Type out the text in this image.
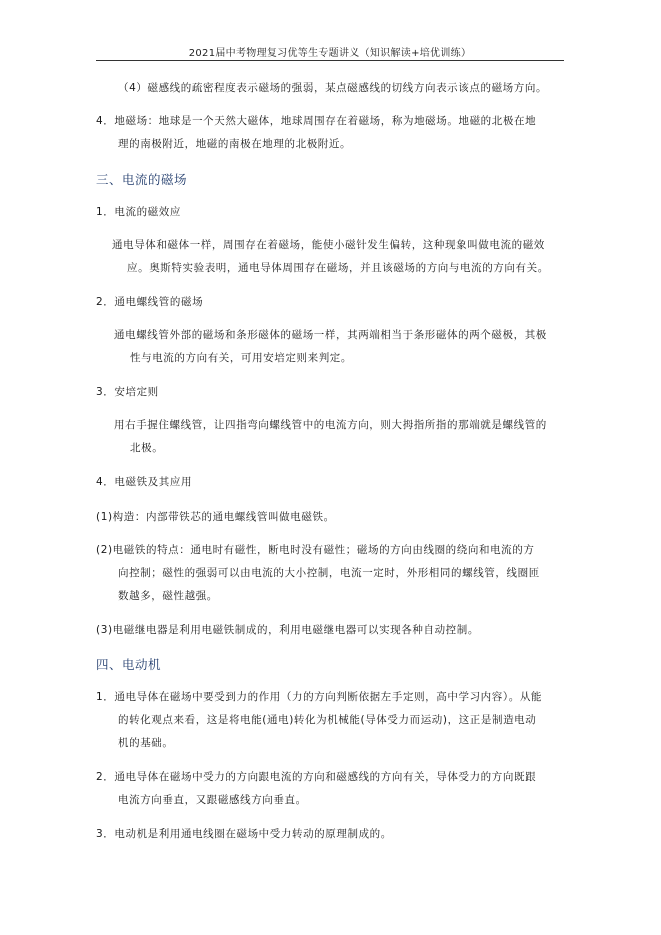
2021届中考物理复习优等生专题讲义（知识解读+培优训练）
（4）磁感线的疏密程度表示磁场的强弱，某点磁感线的切线方向表示该点的磁场方向。
4．地磁场：地球是一个天然大磁体，地球周围存在着磁场，称为地磁场。地磁的北极在地
理的南极附近，地磁的南极在地理的北极附近。
三、电流的磁场
1．电流的磁效应
通电导体和磁体一样，周围存在着磁场，能使小磁针发生偏转，这种现象叫做电流的磁效
应。奥斯特实验表明，通电导体周围存在磁场，并且该磁场的方向与电流的方向有关。
2．通电螺线管的磁场
通电螺线管外部的磁场和条形磁体的磁场一样，其两端相当于条形磁体的两个磁极，其极
性与电流的方向有关，可用安培定则来判定。
3．安培定则
用右手握住螺线管，让四指弯向螺线管中的电流方向，则大拇指所指的那端就是螺线管的
北极。
4．电磁铁及其应用
(1)构造：内部带铁芯的通电螺线管叫做电磁铁。
(2)电磁铁的特点：通电时有磁性，断电时没有磁性；磁场的方向由线圈的绕向和电流的方
向控制；磁性的强弱可以由电流的大小控制，电流一定时，外形相同的螺线管，线圈匝
数越多，磁性越强。
(3)电磁继电器是利用电磁铁制成的，利用电磁继电器可以实现各种自动控制。
四、电动机
1．通电导体在磁场中要受到力的作用（力的方向判断依据左手定则，高中学习内容）。从能
的转化观点来看，这是将电能(通电)转化为机械能(导体受力而运动)，这正是制造电动
机的基础。
2．通电导体在磁场中受力的方向跟电流的方向和磁感线的方向有关，导体受力的方向既跟
电流方向垂直，又跟磁感线方向垂直。
3．电动机是利用通电线圈在磁场中受力转动的原理制成的。
